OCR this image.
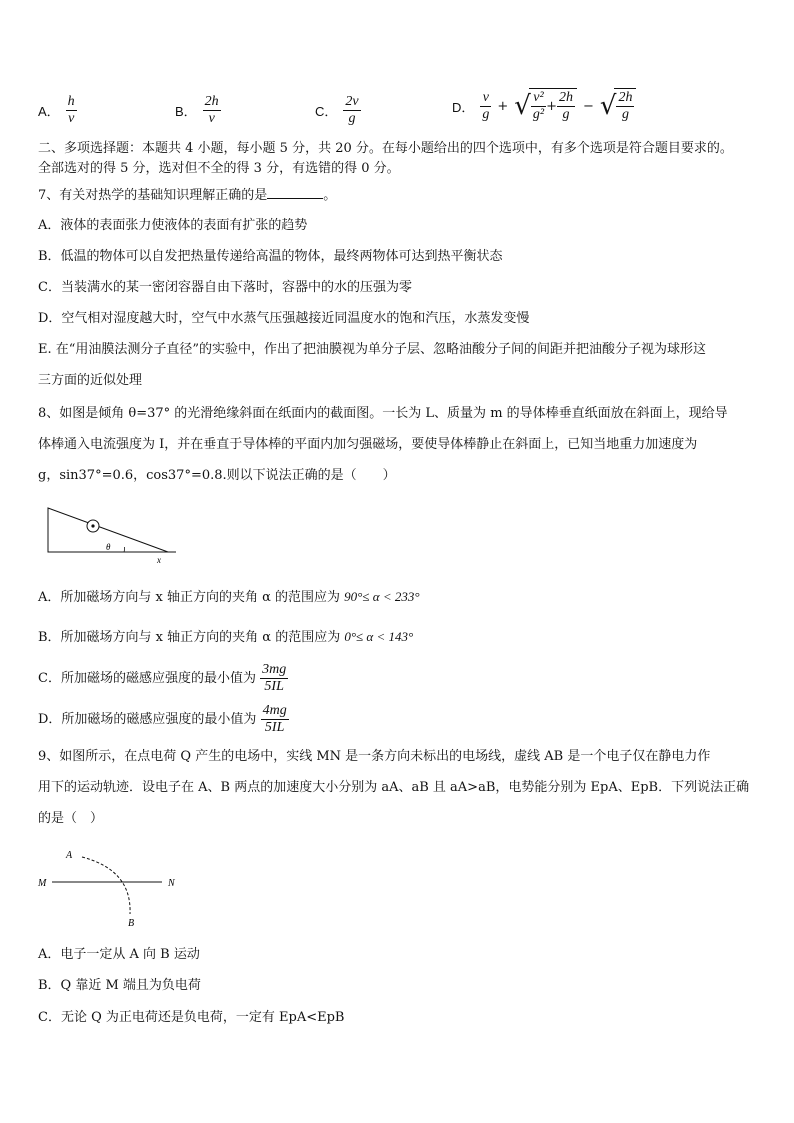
A． $\frac{h}{v}$	B． $\frac{2h}{v}$	C． $\frac{2v}{g}$	D． $\frac{v}{g}$ + √ $\frac{\text{v²}}{\text{g²}} + \frac{2h}{g}$ − √ $\frac{2h}{g}$
二、多项选择题：本题共 4 小题，每小题 5 分，共 20 分。在每小题给出的四个选项中，有多个选项是符合题目要求的。
全部选对的得 5 分，选对但不全的得 3 分，有选错的得 0 分。
7、有关对热学的基础知识理解正确的是	。
A．液体的表面张力使液体的表面有扩张的趋势
B．低温的物体可以自发把热量传递给高温的物体，最终两物体可达到热平衡状态
C．当装满水的某一密闭容器自由下落时，容器中的水的压强为零
D．空气相对湿度越大时，空气中水蒸气压强越接近同温度水的饱和汽压，水蒸发变慢
E. 在“用油膜法测分子直径”的实验中，作出了把油膜视为单分子层、忽略油酸分子间的间距并把油酸分子视为球形这
三方面的近似处理
8、如图是倾角 θ=37° 的光滑绝缘斜面在纸面内的截面图。一长为 L、质量为 m 的导体棒垂直纸面放在斜面上，现给导
体棒通入电流强度为 I，并在垂直于导体棒的平面内加匀强磁场，要使导体棒静止在斜面上，已知当地重力加速度为
g，sin37°=0.6，cos37°=0.8.则以下说法正确的是（　　）
θ
x
A．所加磁场方向与 x 轴正方向的夹角 α 的范围应为 90°≤ α < 233°
B．所加磁场方向与 x 轴正方向的夹角 α 的范围应为 0°≤ α < 143°
C．所加磁场的磁感应强度的最小值为 $\frac{3mg}{5IL}$
D．所加磁场的磁感应强度的最小值为 $\frac{4mg}{5IL}$
9、如图所示，在点电荷 Q 产生的电场中，实线 MN 是一条方向未标出的电场线，虚线 AB 是一个电子仅在静电力作
用下的运动轨迹．设电子在 A、B 两点的加速度大小分别为 aA、aB 且 aA>aB，电势能分别为 EpA、EpB．下列说法正确
的是（　）
A
B
M	N
A．电子一定从 A 向 B 运动
B．Q 靠近 M 端且为负电荷
C．无论 Q 为正电荷还是负电荷，一定有 EpA<EpB
